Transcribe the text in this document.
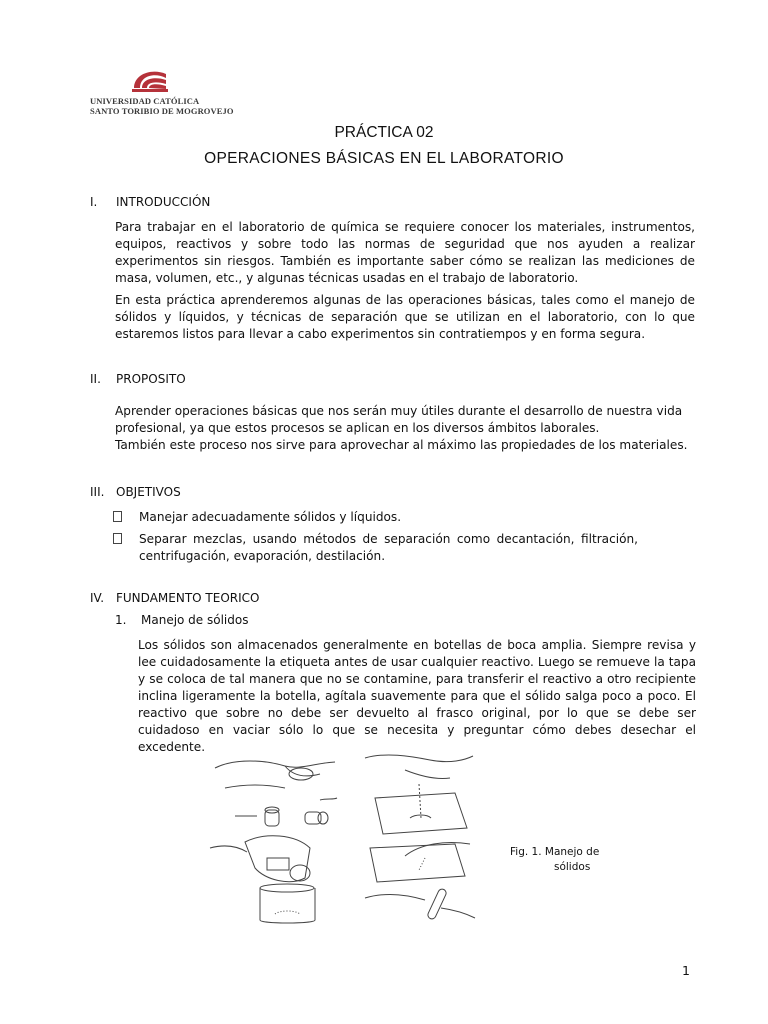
UNIVERSIDAD CATÓLICA
SANTO TORIBIO DE MOGROVEJO
PRÁCTICA 02
OPERACIONES BÁSICAS EN EL LABORATORIO
I. INTRODUCCIÓN

Para trabajar en el laboratorio de química se requiere conocer los materiales, instrumentos, equipos, reactivos y sobre todo las normas de seguridad que nos ayuden a realizar experimentos sin riesgos. También es importante saber cómo se realizan las mediciones de masa, volumen, etc., y algunas técnicas usadas en el trabajo de laboratorio.

En esta práctica aprenderemos algunas de las operaciones básicas, tales como el manejo de sólidos y líquidos, y técnicas de separación que se utilizan en el laboratorio, con lo que estaremos listos para llevar a cabo experimentos sin contratiempos y en forma segura.

II. PROPOSITO
Aprender operaciones básicas que nos serán muy útiles durante el desarrollo de nuestra vida
profesional, ya que estos procesos se aplican en los diversos ámbitos laborales.
También este proceso nos sirve para aprovechar al máximo las propiedades de los materiales.
III. OBJETIVOS
Manejar adecuadamente sólidos y líquidos.
Separar mezclas, usando métodos de separación como decantación, filtración, centrifugación, evaporación, destilación.
IV. FUNDAMENTO TEORICO
1. Manejo de sólidos

Los sólidos son almacenados generalmente en botellas de boca amplia. Siempre revisa y lee cuidadosamente la etiqueta antes de usar cualquier reactivo. Luego se remueve la tapa y se coloca de tal manera que no se contamine, para transferir el reactivo a otro recipiente inclina ligeramente la botella, agítala suavemente para que el sólido salga poco a poco. El reactivo que sobre no debe ser devuelto al frasco original, por lo que se debe ser cuidadoso en vaciar sólo lo que se necesita y preguntar cómo debes desechar el excedente.

Fig. 1. Manejo de
sólidos
1
